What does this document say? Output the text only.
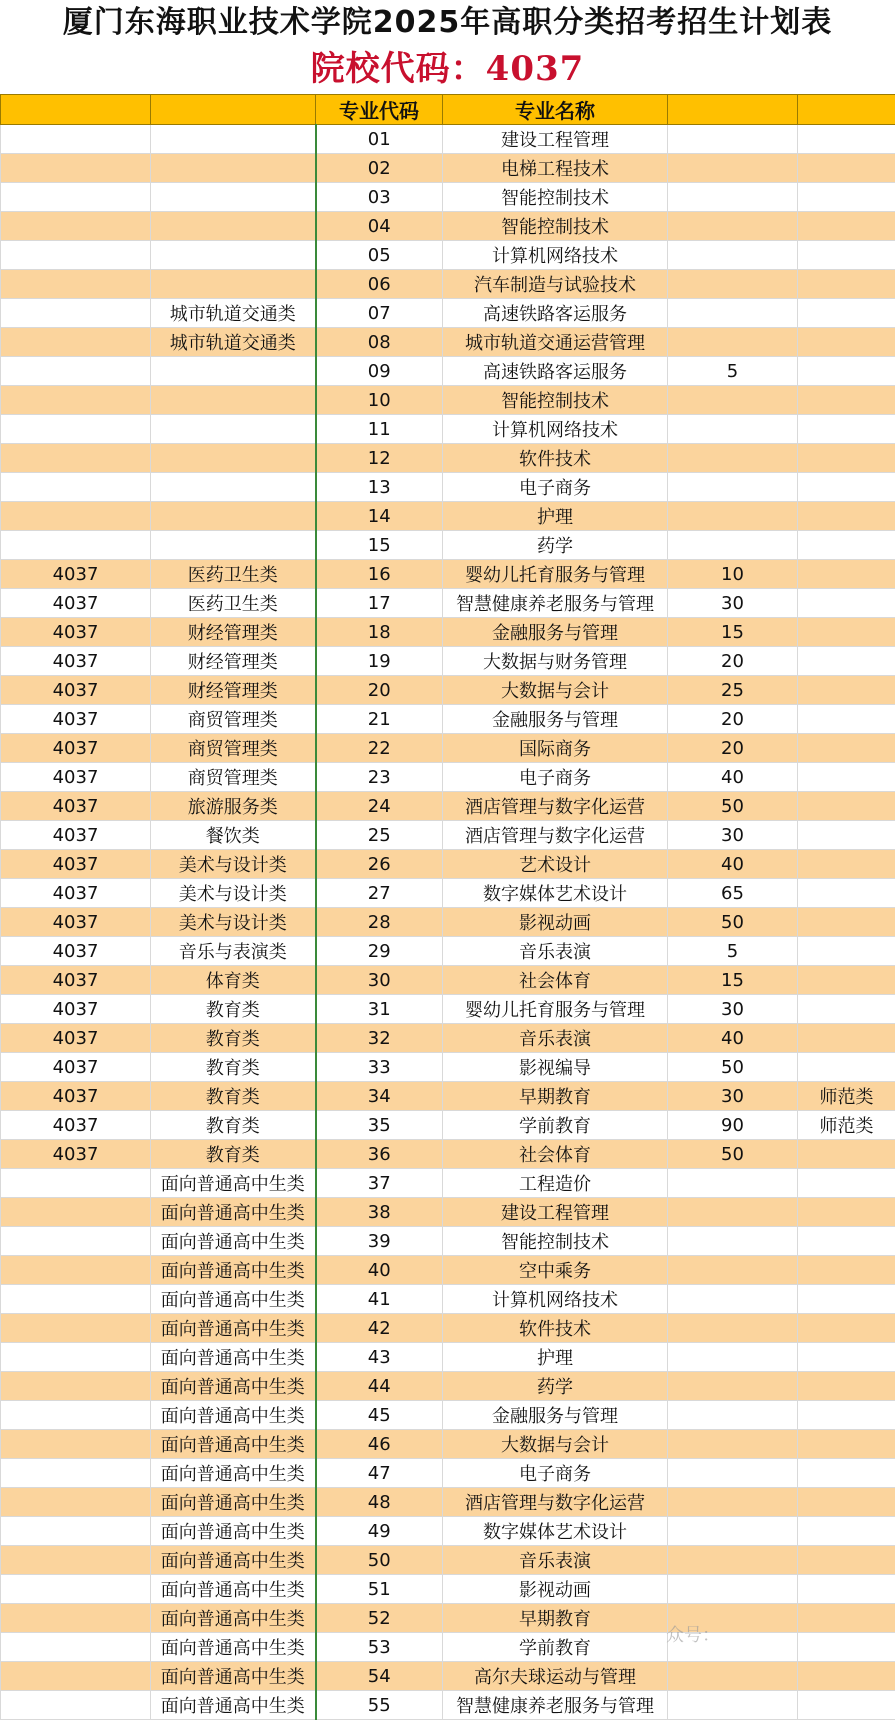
厦门东海职业技术学院2025年高职分类招考招生计划表
院校代码：4037
		专业代码	专业名称		
		01	建设工程管理		
		02	电梯工程技术		
		03	智能控制技术		
		04	智能控制技术		
		05	计算机网络技术		
		06	汽车制造与试验技术		
	城市轨道交通类	07	高速铁路客运服务		
	城市轨道交通类	08	城市轨道交通运营管理		
		09	高速铁路客运服务	5	
		10	智能控制技术		
		11	计算机网络技术		
		12	软件技术		
		13	电子商务		
		14	护理		
		15	药学		
4037	医药卫生类	16	婴幼儿托育服务与管理	10	
4037	医药卫生类	17	智慧健康养老服务与管理	30	
4037	财经管理类	18	金融服务与管理	15	
4037	财经管理类	19	大数据与财务管理	20	
4037	财经管理类	20	大数据与会计	25	
4037	商贸管理类	21	金融服务与管理	20	
4037	商贸管理类	22	国际商务	20	
4037	商贸管理类	23	电子商务	40	
4037	旅游服务类	24	酒店管理与数字化运营	50	
4037	餐饮类	25	酒店管理与数字化运营	30	
4037	美术与设计类	26	艺术设计	40	
4037	美术与设计类	27	数字媒体艺术设计	65	
4037	美术与设计类	28	影视动画	50	
4037	音乐与表演类	29	音乐表演	5	
4037	体育类	30	社会体育	15	
4037	教育类	31	婴幼儿托育服务与管理	30	
4037	教育类	32	音乐表演	40	
4037	教育类	33	影视编导	50	
4037	教育类	34	早期教育	30	师范类
4037	教育类	35	学前教育	90	师范类
4037	教育类	36	社会体育	50	
	面向普通高中生类	37	工程造价		
	面向普通高中生类	38	建设工程管理		
	面向普通高中生类	39	智能控制技术		
	面向普通高中生类	40	空中乘务		
	面向普通高中生类	41	计算机网络技术		
	面向普通高中生类	42	软件技术		
	面向普通高中生类	43	护理		
	面向普通高中生类	44	药学		
	面向普通高中生类	45	金融服务与管理		
	面向普通高中生类	46	大数据与会计		
	面向普通高中生类	47	电子商务		
	面向普通高中生类	48	酒店管理与数字化运营		
	面向普通高中生类	49	数字媒体艺术设计		
	面向普通高中生类	50	音乐表演		
	面向普通高中生类	51	影视动画		
	面向普通高中生类	52	早期教育		
	面向普通高中生类	53	学前教育		
	面向普通高中生类	54	高尔夫球运动与管理		
	面向普通高中生类	55	智慧健康养老服务与管理		
众号：
